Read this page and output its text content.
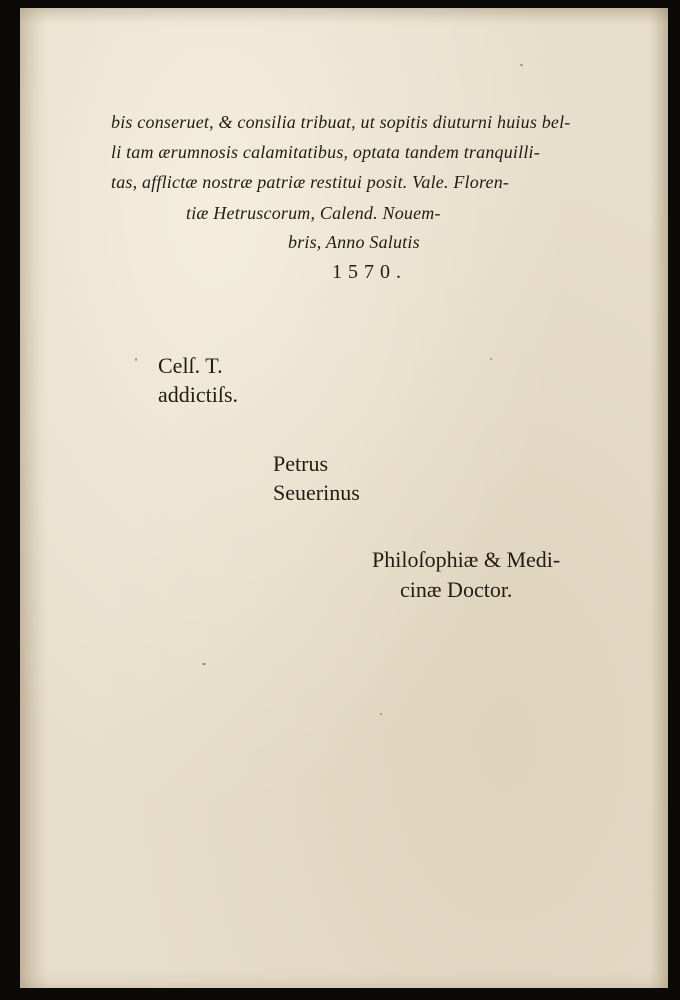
bis conseruet, & consilia tribuat, ut sopitis diuturni huius bel-
li tam ærumnosis calamitatibus, optata tandem tranquilli-
tas, afflictæ nostræ patriæ restitui posit. Vale. Floren-
tiæ Hetruscorum, Calend. Nouem-
bris, Anno Salutis
1570.
Celſ. T.
addictiſs.
Petrus
Seuerinus
Philoſophiæ & Medi-
cinæ Doctor.
